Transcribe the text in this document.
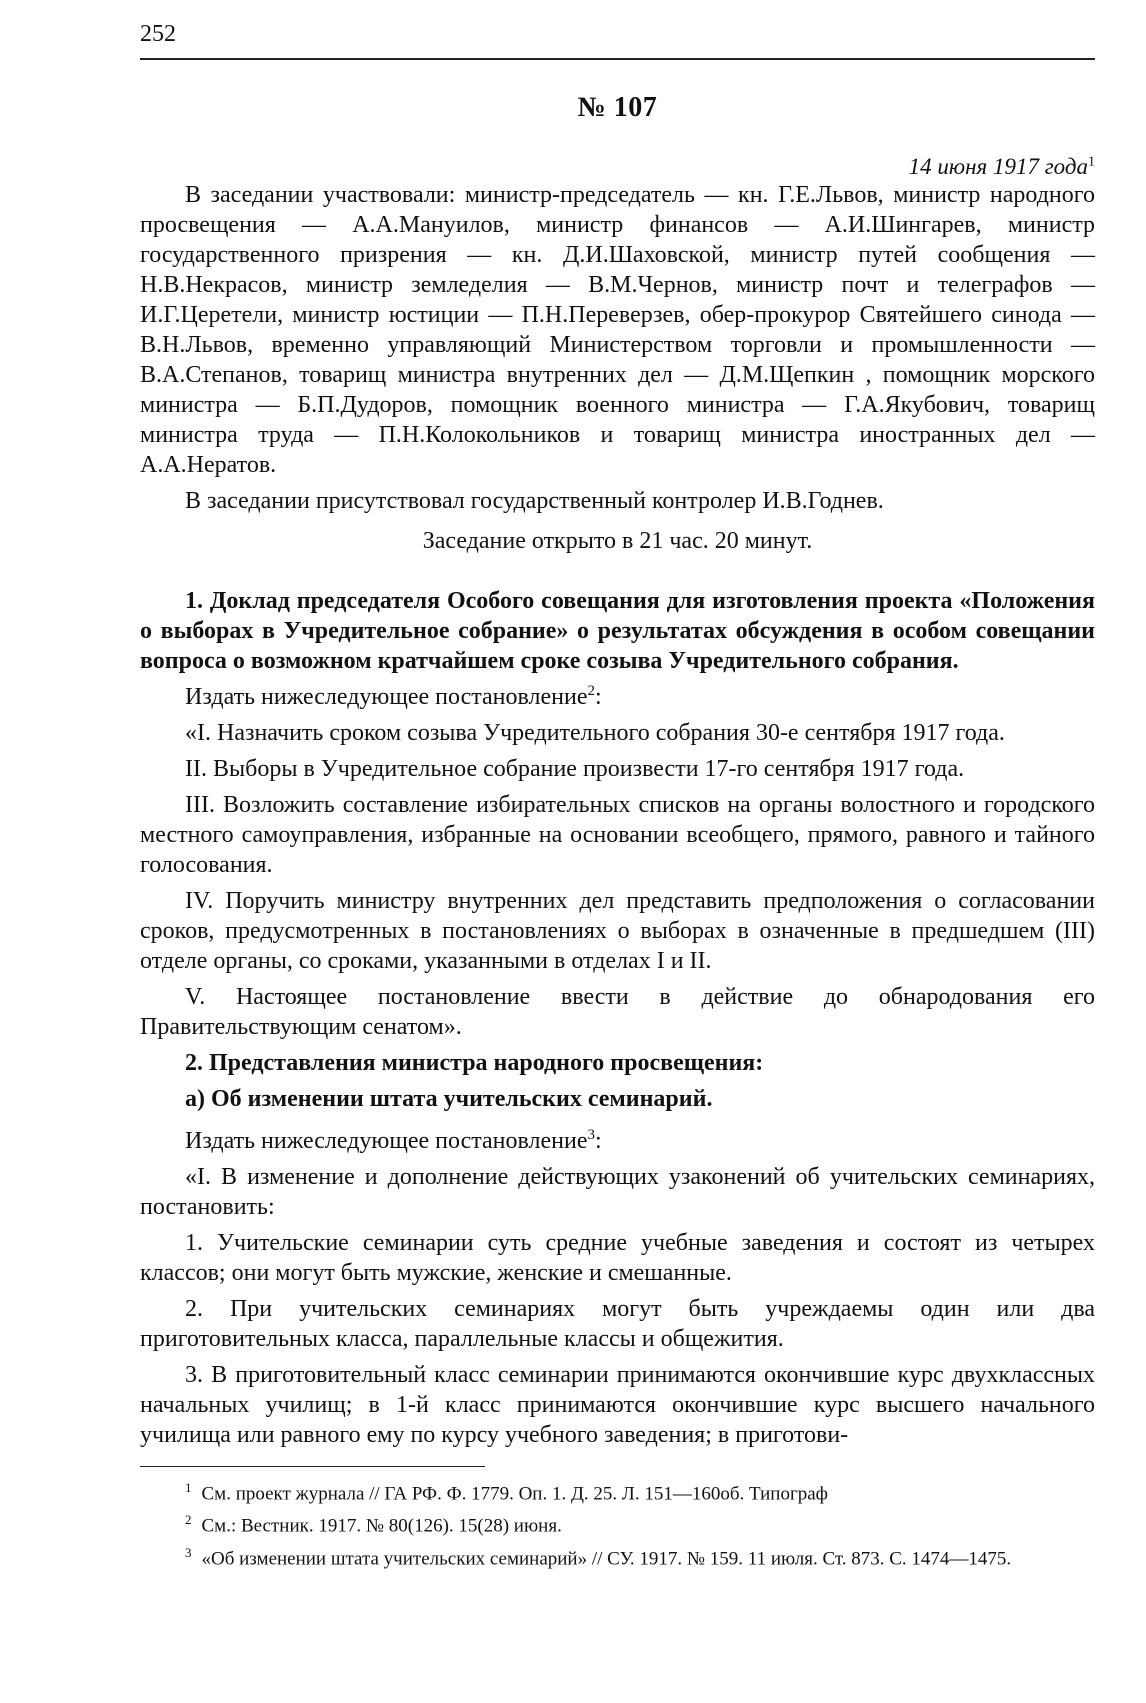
252
№ 107
14 июня 1917 года$^1$

В заседании участвовали: министр-председатель — кн. Г.Е.Львов, министр народного просвещения — А.А.Мануилов, министр финансов — А.И.Шингарев, министр государственного призрения — кн. Д.И.Шаховской, министр путей сообщения — Н.В.Некрасов, министр земледелия — В.М.Чернов, министр почт и телеграфов — И.Г.Церетели, министр юстиции — П.Н.Переверзев, обер-прокурор Святейшего синода — В.Н.Львов, временно управляющий Министерством торговли и промышленности — В.А.Степанов, товарищ министра внутренних дел — Д.М.Щепкин , помощник морского министра — Б.П.Дудоров, помощник военного министра — Г.А.Якубович, товарищ министра труда — П.Н.Колокольников и товарищ министра иностранных дел — А.А.Нератов.

В заседании присутствовал государственный контролер И.В.Годнев.

Заседание открыто в 21 час. 20 минут.

1. Доклад председателя Особого совещания для изготовления проекта «Положения о выборах в Учредительное собрание» о результатах обсуждения в особом совещании вопроса о возможном кратчайшем сроке созыва Учредительного собрания.

Издать нижеследующее постановление$^2$:

«I. Назначить сроком созыва Учредительного собрания 30-е сентября 1917 года.

II. Выборы в Учредительное собрание произвести 17-го сентября 1917 года.

III. Возложить составление избирательных списков на органы волостного и городского местного самоуправления, избранные на основании всеобщего, прямого, равного и тайного голосования.

IV. Поручить министру внутренних дел представить предположения о согласовании сроков, предусмотренных в постановлениях о выборах в означенные в предшедшем (III) отделе органы, со сроками, указанными в отделах I и II.

V. Настоящее постановление ввести в действие до обнародования его Правительствующим сенатом».

2. Представления министра народного просвещения:

а) Об изменении штата учительских семинарий.

Издать нижеследующее постановление$^3$:

«I. В изменение и дополнение действующих узаконений об учительских семинариях, постановить:

1. Учительские семинарии суть средние учебные заведения и состоят из четырех классов; они могут быть мужские, женские и смешанные.

2. При учительских семинариях могут быть учреждаемы один или два приготовительных класса, параллельные классы и общежития.

3. В приготовительный класс семинарии принимаются окончившие курс двухклассных начальных училищ; в 1-й класс принимаются окончившие курс высшего начального училища или равного ему по курсу учебного заведения; в приготови-

$^1$ См. проект журнала // ГА РФ. Ф. 1779. Оп. 1. Д. 25. Л. 151—160об. Типограф

$^2$ См.: Вестник. 1917. № 80(126). 15(28) июня.

$^3$ «Об изменении штата учительских семинарий» // СУ. 1917. № 159. 11 июля. Ст. 873. С. 1474—1475.
